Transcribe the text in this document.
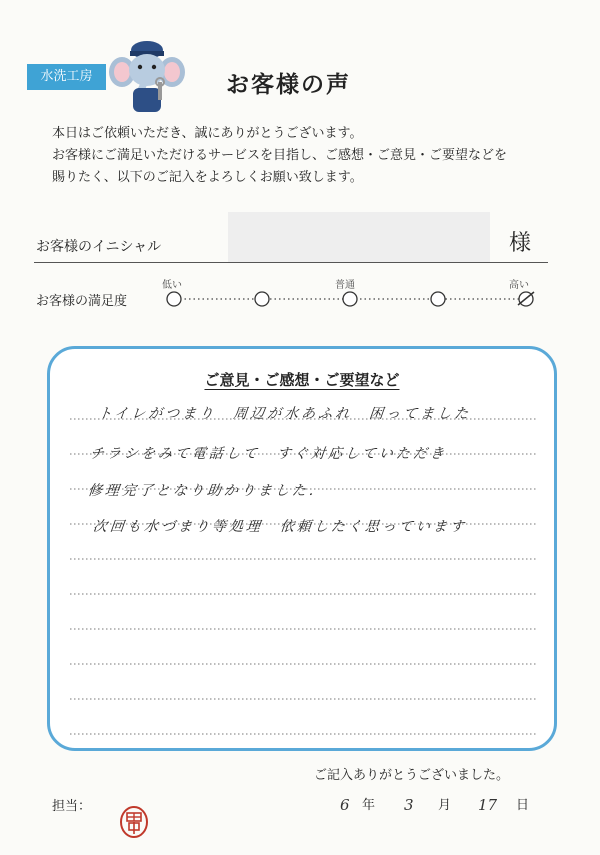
水洗工房	お客様の声
本日はご依頼いただき、誠にありがとうございます。
お客様にご満足いただけるサービスを目指し、ご感想・ご意見・ご要望などを
賜りたく、以下のご記入をよろしくお願い致します。
お客様のイニシャル	様
お客様の満足度
低い	普通	高い
ご意見・ご感想・ご要望など
トイレがつまり　周辺が水あふれ　困ってました
チラシをみて電話して　すぐ対応していただき
修理完了となり助かりました．
次回も水づまり等処理　依頼したく思っています
ご記入ありがとうございました。
担当：	6 年 3 月 17 日
